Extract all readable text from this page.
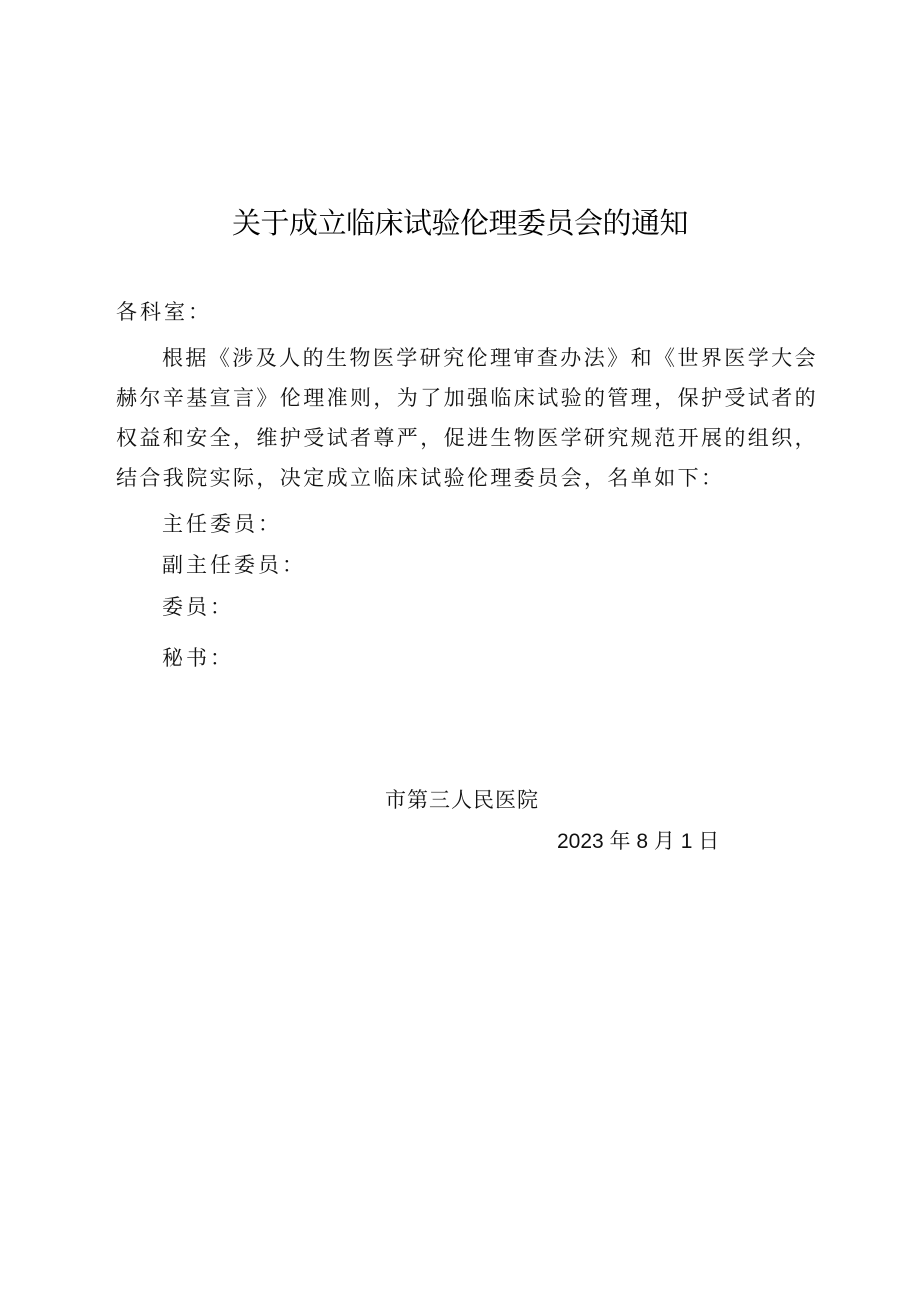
关于成立临床试验伦理委员会的通知
各科室：
根据《涉及人的生物医学研究伦理审查办法》和《世界医学大会赫尔辛基宣言》伦理准则，为了加强临床试验的管理，保护受试者的权益和安全，维护受试者尊严，促进生物医学研究规范开展的组织，结合我院实际，决定成立临床试验伦理委员会，名单如下：
主任委员：
副主任委员：
委员：
秘书：
市第三人民医院
2023 年 8 月 1 日
